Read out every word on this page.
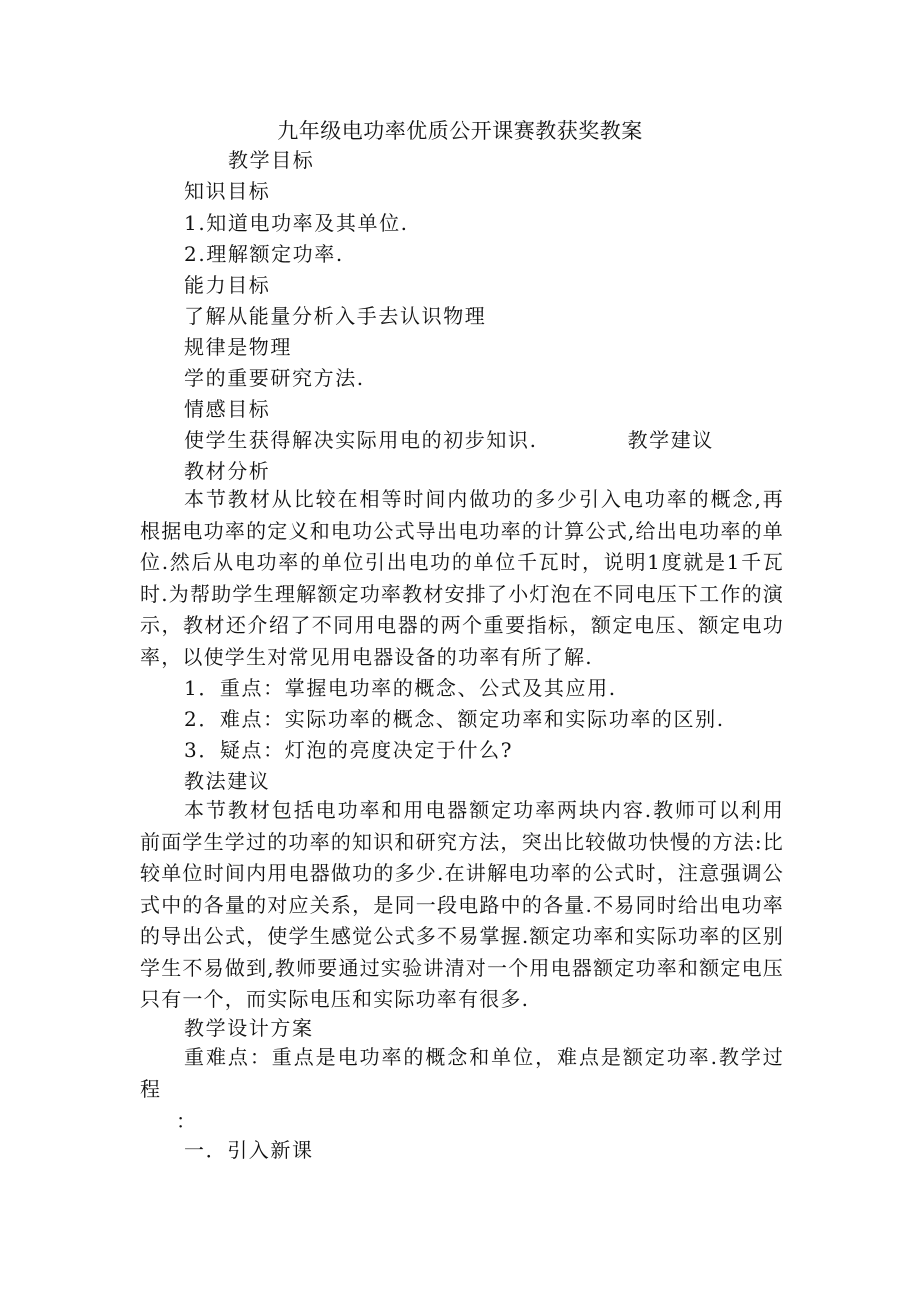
九年级电功率优质公开课赛教获奖教案
教学目标
知识目标
1.知道电功率及其单位.
2.理解额定功率.
能力目标
了解从能量分析入手去认识物理
规律是物理
学的重要研究方法.
情感目标
使学生获得解决实际用电的初步知识.	教学建议
教材分析
本节教材从比较在相等时间内做功的多少引入电功率的概念,再根据电功率的定义和电功公式导出电功率的计算公式,给出电功率的单位.然后从电功率的单位引出电功的单位千瓦时，说明1度就是1千瓦时.为帮助学生理解额定功率教材安排了小灯泡在不同电压下工作的演示，教材还介绍了不同用电器的两个重要指标，额定电压、额定电功率，以使学生对常见用电器设备的功率有所了解.
1．重点：掌握电功率的概念、公式及其应用.
2．难点：实际功率的概念、额定功率和实际功率的区别.
3．疑点：灯泡的亮度决定于什么?
教法建议
本节教材包括电功率和用电器额定功率两块内容.教师可以利用前面学生学过的功率的知识和研究方法，突出比较做功快慢的方法:比较单位时间内用电器做功的多少.在讲解电功率的公式时，注意强调公式中的各量的对应关系，是同一段电路中的各量.不易同时给出电功率的导出公式，使学生感觉公式多不易掌握.额定功率和实际功率的区别学生不易做到,教师要通过实验讲清对一个用电器额定功率和额定电压只有一个，而实际电压和实际功率有很多.
教学设计方案
重难点：重点是电功率的概念和单位，难点是额定功率.教学过程
：
一．引入新课
